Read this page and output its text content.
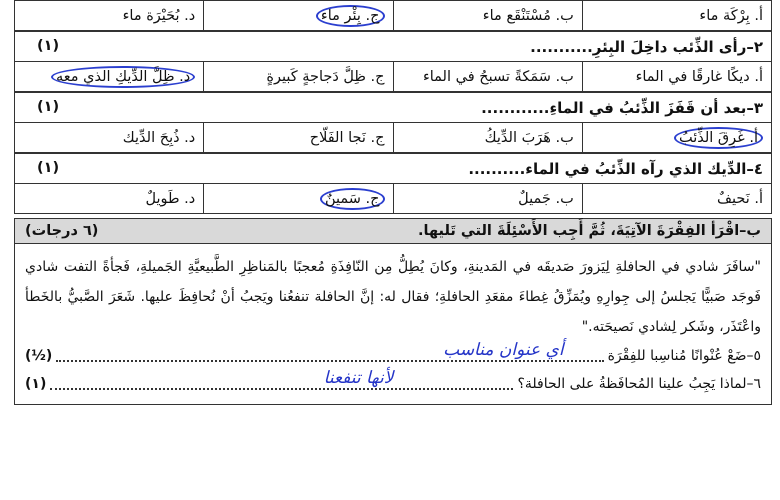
أ. بِرْكَة ماء	ب. مُسْتَنْقَع ماء	ج. بِئْر ماء	د. بُحَيْرَة ماء
٢–رأى الذِّئب داخِلَ البِئرِ...........
(١)

أ. ديكًا غارقًا في الماء	ب. سَمَكةً تسبحُ في الماء	ج. ظِلَّ دَجاجةٍ كَبيرةٍ	د. ظِلَّ الدِّيكِ الذي معه
٣–بعد أن قَفَزَ الذِّئبُ في الماءِ............
(١)

أ. غَرِقَ الذِّئبُ	ب. هَرَبَ الدِّيكُ	ج. نَجا الفَلّاح	د. ذُبِحَ الدِّيك
٤–الدِّيك الذي رآه الذِّئبُ في الماء..........
(١)

أ. نَحيفٌ	ب. جَميلٌ	ج. سَمينٌ	د. طَويلٌ
ب–اقْرَأ الفِقْرَةَ الآتِيَةَ، ثُمَّ أَجِب الأَسْئِلَةَ التي تَليها.
(٦ درجات)

"سافَرَ شادي في الحافلةِ لِيَزورَ صَديقَه في المَدينةِ، وكانَ يُطِلُّ مِن النّافِذَةِ مُعجبًا بالمَناظِرِ الطَّبيعيَّةِ الجَميلةِ، فَجأةً التفت شادي فَوجَد صَبيًّا يَجلسُ إلى جِوارِهِ ويُمَزِّقُ غِطاءَ مقعَدِ الحافلةِ؛ فقال له: إنَّ الحافلة تنفعُنا ويَجبُ أنْ نُحافِظَ عليها. شَعَرَ الصَّبيُّ بالخَطأ واعْتَذَر، وشَكر لِشادي نَصيحَته."

٥–ضَعْ عُنْوانًا مُناسِبا للفِقْرَة
أي عنوان مناسب
(½)
٦–لماذا يَجِبُ علينا المُحافَظةُ على الحافلة؟
لأنها تنفعنا
(١)
